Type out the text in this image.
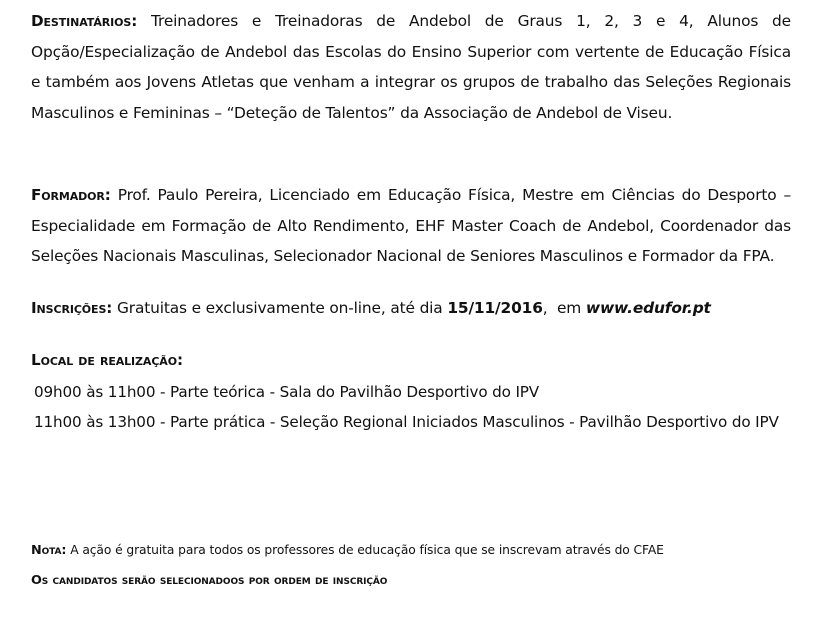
Destinatários: Treinadores e Treinadoras de Andebol de Graus 1, 2, 3 e 4, Alunos de Opção/Especialização de Andebol das Escolas do Ensino Superior com vertente de Educação Física e também aos Jovens Atletas que venham a integrar os grupos de trabalho das Seleções Regionais Masculinos e Femininas – “Deteção de Talentos” da Associação de Andebol de Viseu.
Formador: Prof. Paulo Pereira, Licenciado em Educação Física, Mestre em Ciências do Desporto – Especialidade em Formação de Alto Rendimento, EHF Master Coach de Andebol, Coordenador das Seleções Nacionais Masculinas, Selecionador Nacional de Seniores Masculinos e Formador da FPA.
Inscrições: Gratuitas e exclusivamente on-line, até dia 15/11/2016,  em www.edufor.pt
Local de realização:
09h00 às 11h00 - Parte teórica - Sala do Pavilhão Desportivo do IPV
11h00 às 13h00 - Parte prática - Seleção Regional Iniciados Masculinos - Pavilhão Desportivo do IPV
Nota: A ação é gratuita para todos os professores de educação física que se inscrevam através do CFAE
Os candidatos serão selecionadoos por ordem de inscrição
